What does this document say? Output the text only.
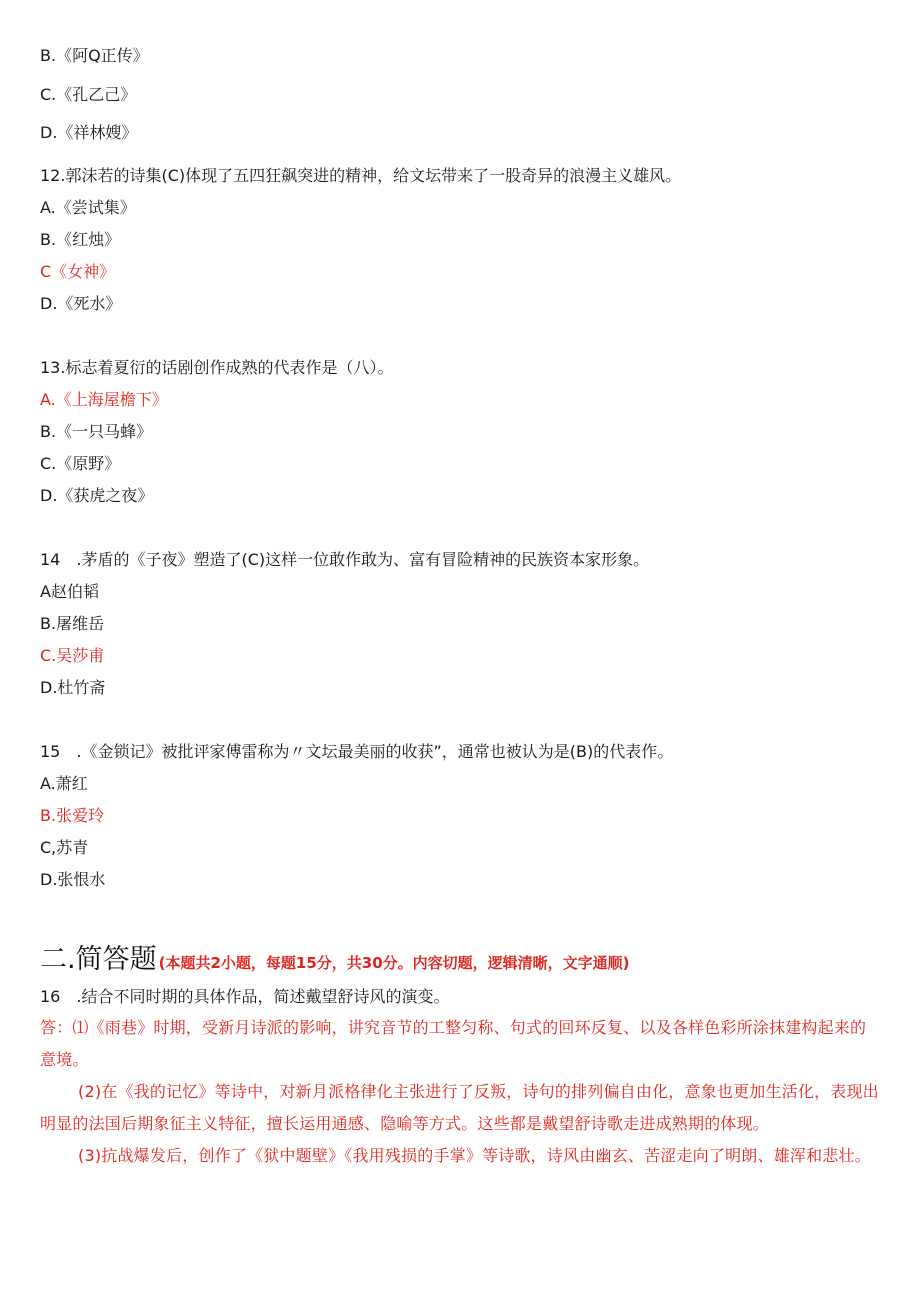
B.《阿Q正传》
C.《孔乙己》
D.《祥林嫂》
12.郭沫若的诗集(C)体现了五四狂飙突进的精神，给文坛带来了一股奇异的浪漫主义雄风。
A.《尝试集》
B.《红烛》
C《女神》
D.《死水》
13.标志着夏衍的话剧创作成熟的代表作是（八）。
A.《上海屋檐下》
B.《一只马蜂》
C.《原野》
D.《获虎之夜》
14　.茅盾的《子夜》塑造了(C)这样一位敢作敢为、富有冒险精神的民族资本家形象。
A赵伯韬
B.屠维岳
C.吴莎甫
D.杜竹斋
15　.《金锁记》被批评家傅雷称为〃文坛最美丽的收获”，通常也被认为是(B)的代表作。
A.萧红
B.张爱玲
C,苏青
D.张恨水
二.简答题 (本题共2小题，每题15分，共30分。内容切题，逻辑清晰，文字通顺)
16　.结合不同时期的具体作品，简述戴望舒诗风的演变。
答：⑴《雨巷》时期，受新月诗派的影响，讲究音节的工整匀称、句式的回环反复、以及各样色彩所涂抹建构起来的意境。
(2)在《我的记忆》等诗中，对新月派格律化主张进行了反叛，诗句的排列偏自由化，意象也更加生活化，表现出明显的法国后期象征主义特征，擅长运用通感、隐喻等方式。这些都是戴望舒诗歌走进成熟期的体现。
(3)抗战爆发后，创作了《狱中题壁》《我用残损的手掌》等诗歌，诗风由幽玄、苦涩走向了明朗、雄浑和悲壮。
